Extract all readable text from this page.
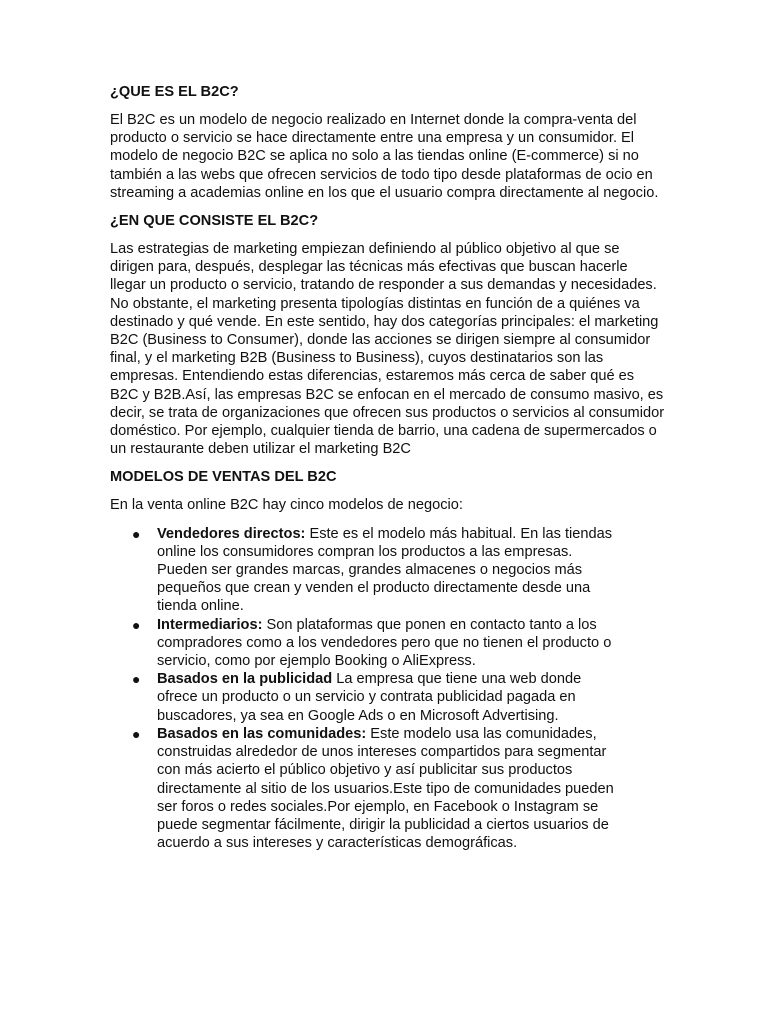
¿QUE ES EL B2C?

El B2C es un modelo de negocio realizado en Internet donde la compra-venta del producto o servicio se hace directamente entre una empresa y un consumidor. El modelo de negocio B2C se aplica no solo a las tiendas online (E-commerce) si no también a las webs que ofrecen servicios de todo tipo desde plataformas de ocio en streaming a academias online en los que el usuario compra directamente al negocio.

¿EN QUE CONSISTE EL B2C?

Las estrategias de marketing empiezan definiendo al público objetivo al que se dirigen para, después, desplegar las técnicas más efectivas que buscan hacerle llegar un producto o servicio, tratando de responder a sus demandas y necesidades. No obstante, el marketing presenta tipologías distintas en función de a quiénes va destinado y qué vende. En este sentido, hay dos categorías principales: el marketing B2C (Business to Consumer), donde las acciones se dirigen siempre al consumidor final, y el marketing B2B (Business to Business), cuyos destinatarios son las empresas. Entendiendo estas diferencias, estaremos más cerca de saber qué es B2C y B2B.Así, las empresas B2C se enfocan en el mercado de consumo masivo, es decir, se trata de organizaciones que ofrecen sus productos o servicios al consumidor doméstico. Por ejemplo, cualquier tienda de barrio, una cadena de supermercados o un restaurante deben utilizar el marketing B2C

MODELOS DE VENTAS DEL B2C

En la venta online B2C hay cinco modelos de negocio:

● Vendedores directos: Este es el modelo más habitual. En las tiendas online los consumidores compran los productos a las empresas. Pueden ser grandes marcas, grandes almacenes o negocios más pequeños que crean y venden el producto directamente desde una tienda online.
● Intermediarios: Son plataformas que ponen en contacto tanto a los compradores como a los vendedores pero que no tienen el producto o servicio, como por ejemplo Booking o AliExpress.
● Basados en la publicidad La empresa que tiene una web donde ofrece un producto o un servicio y contrata publicidad pagada en buscadores, ya sea en Google Ads o en Microsoft Advertising.
● Basados en las comunidades: Este modelo usa las comunidades, construidas alrededor de unos intereses compartidos para segmentar con más acierto el público objetivo y así publicitar sus productos directamente al sitio de los usuarios.Este tipo de comunidades pueden ser foros o redes sociales.Por ejemplo, en Facebook o Instagram se puede segmentar fácilmente, dirigir la publicidad a ciertos usuarios de acuerdo a sus intereses y características demográficas.
